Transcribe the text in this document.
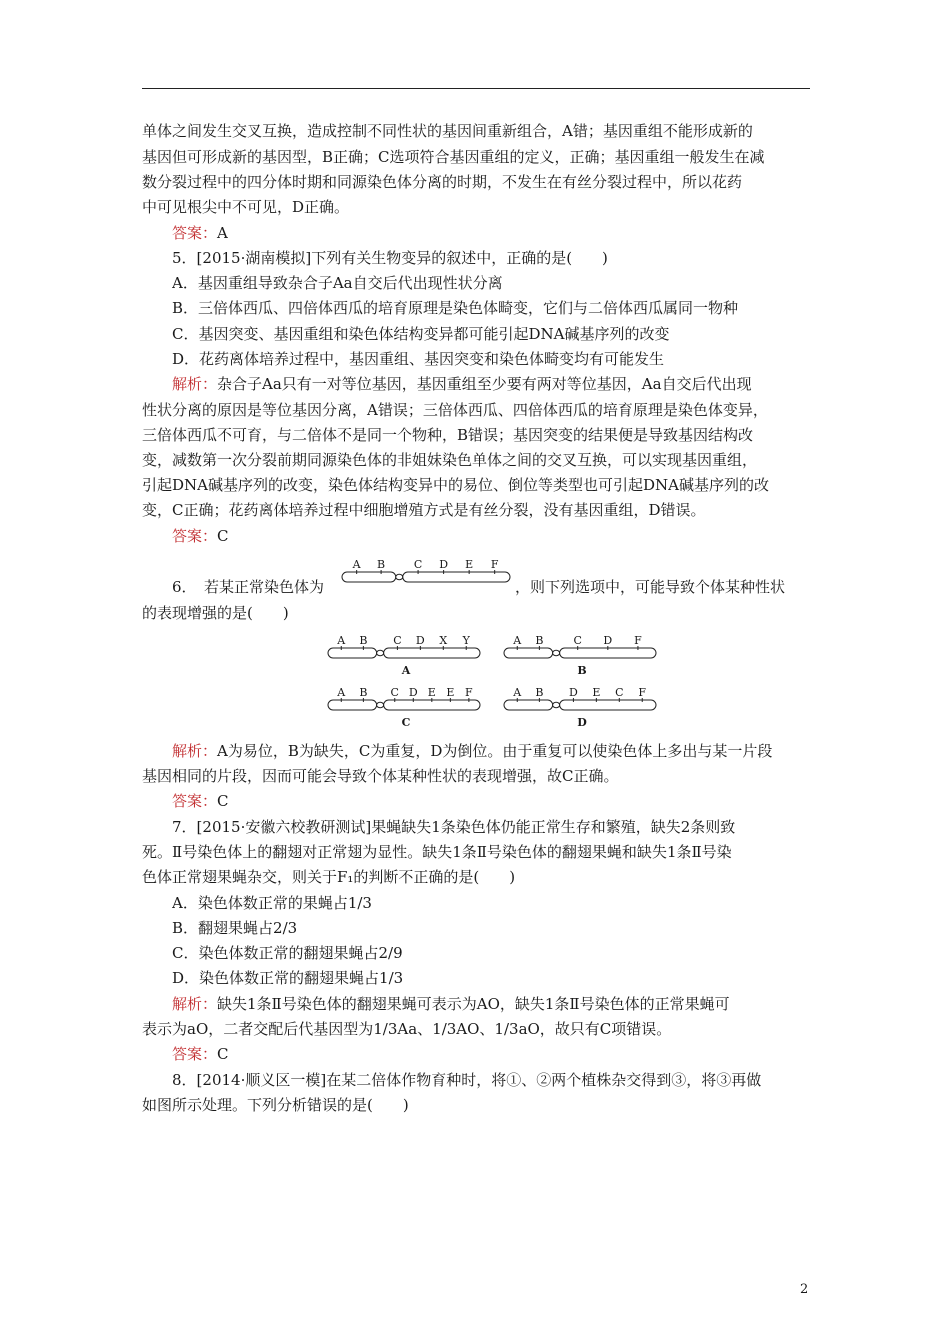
单体之间发生交叉互换，造成控制不同性状的基因间重新组合，A错；基因重组不能形成新的
基因但可形成新的基因型，B正确；C选项符合基因重组的定义，正确；基因重组一般发生在减
数分裂过程中的四分体时期和同源染色体分离的时期，不发生在有丝分裂过程中，所以花药
中可见根尖中不可见，D正确。
答案：A
5．[2015·湖南模拟]下列有关生物变异的叙述中，正确的是(　　)
A．基因重组导致杂合子Aa自交后代出现性状分离
B．三倍体西瓜、四倍体西瓜的培育原理是染色体畸变，它们与二倍体西瓜属同一物种
C．基因突变、基因重组和染色体结构变异都可能引起DNA碱基序列的改变
D．花药离体培养过程中，基因重组、基因突变和染色体畸变均有可能发生
解析：杂合子Aa只有一对等位基因，基因重组至少要有两对等位基因，Aa自交后代出现
性状分离的原因是等位基因分离，A错误；三倍体西瓜、四倍体西瓜的培育原理是染色体变异，
三倍体西瓜不可育，与二倍体不是同一个物种，B错误；基因突变的结果便是导致基因结构改
变，减数第一次分裂前期同源染色体的非姐妹染色单体之间的交叉互换，可以实现基因重组，
引起DNA碱基序列的改变，染色体结构变异中的易位、倒位等类型也可引起DNA碱基序列的改
变，C正确；花药离体培养过程中细胞增殖方式是有丝分裂，没有基因重组，D错误。
答案：C
6．　若某正常染色体为
A B	C D E F
，则下列选项中，可能导致个体某种性状
的表现增强的是(　　)
A B C D X Y
A
A B	C D F
B
A B C D E E F
C
A B D E C F
D
解析：A为易位，B为缺失，C为重复，D为倒位。由于重复可以使染色体上多出与某一片段
基因相同的片段，因而可能会导致个体某种性状的表现增强，故C正确。
答案：C
7．[2015·安徽六校教研测试]果蝇缺失1条染色体仍能正常生存和繁殖，缺失2条则致
死。Ⅱ号染色体上的翻翅对正常翅为显性。缺失1条Ⅱ号染色体的翻翅果蝇和缺失1条Ⅱ号染
色体正常翅果蝇杂交，则关于F₁的判断不正确的是(　　)
A．染色体数正常的果蝇占1/3
B．翻翅果蝇占2/3
C．染色体数正常的翻翅果蝇占2/9
D．染色体数正常的翻翅果蝇占1/3
解析：缺失1条Ⅱ号染色体的翻翅果蝇可表示为AO，缺失1条Ⅱ号染色体的正常果蝇可
表示为aO，二者交配后代基因型为1/3Aa、1/3AO、1/3aO，故只有C项错误。
答案：C
8．[2014·顺义区一模]在某二倍体作物育种时，将①、②两个植株杂交得到③，将③再做
如图所示处理。下列分析错误的是(　　)
2
